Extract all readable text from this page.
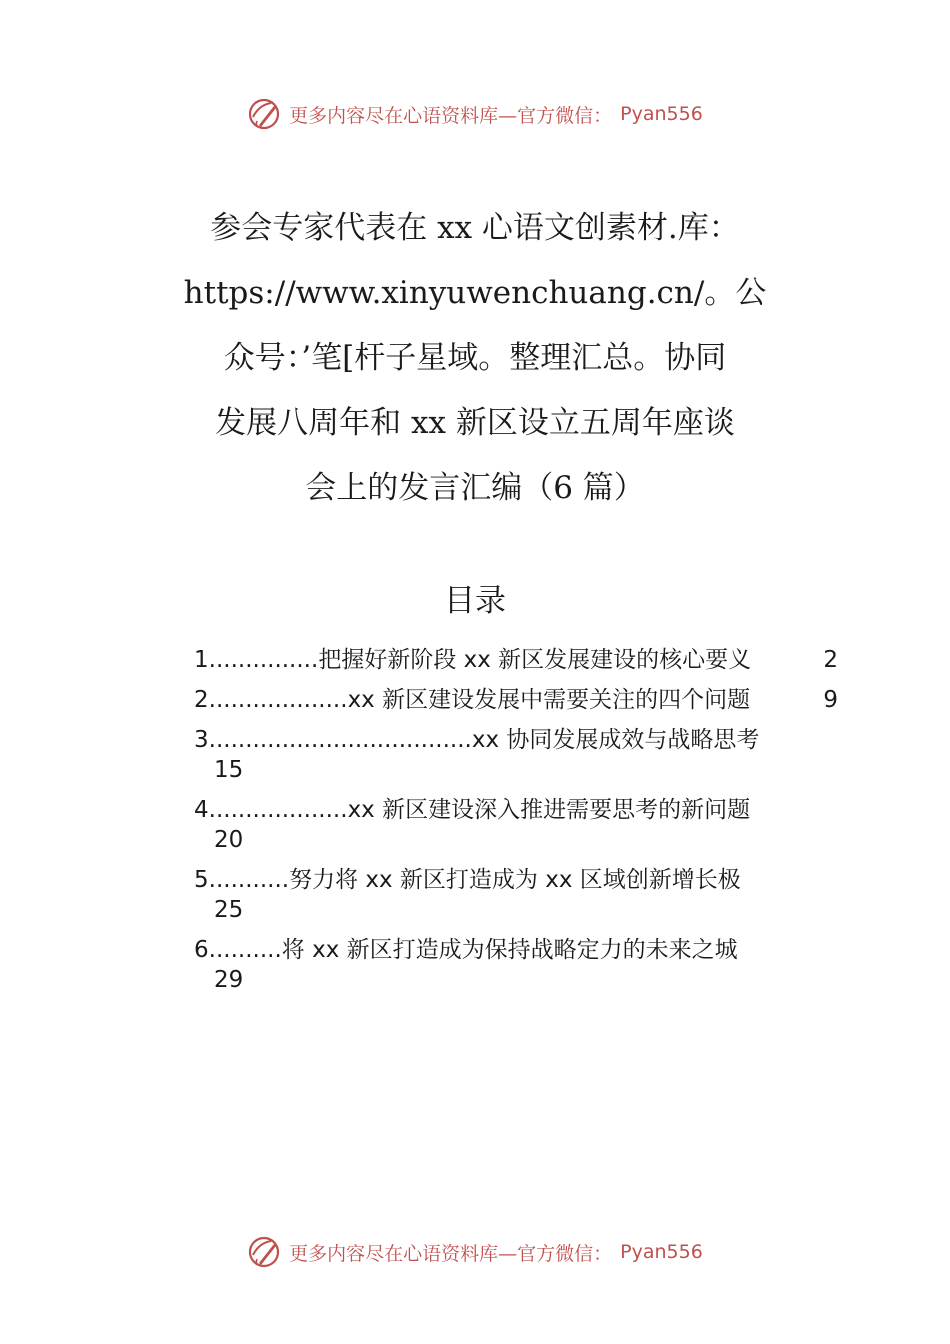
更多内容尽在心语资料库—官方微信： Pyan556
参会专家代表在 xx 心语文创素材.库：
https://www.xinyuwenchuang.cn/。公
众号：’笔[杆子星域。整理汇总。协同
发展八周年和 xx 新区设立五周年座谈
会上的发言汇编（6 篇）
目录
1 ............... 把握好新阶段 xx 新区发展建设的核心要义	2
2 ................... xx 新区建设发展中需要关注的四个问题	9
3 .................................... xx 协同发展成效与战略思考
15
4 ................... xx 新区建设深入推进需要思考的新问题
20
5 ........... 努力将 xx 新区打造成为 xx 区域创新增长极
25
6 .......... 将 xx 新区打造成为保持战略定力的未来之城
29
更多内容尽在心语资料库—官方微信： Pyan556
